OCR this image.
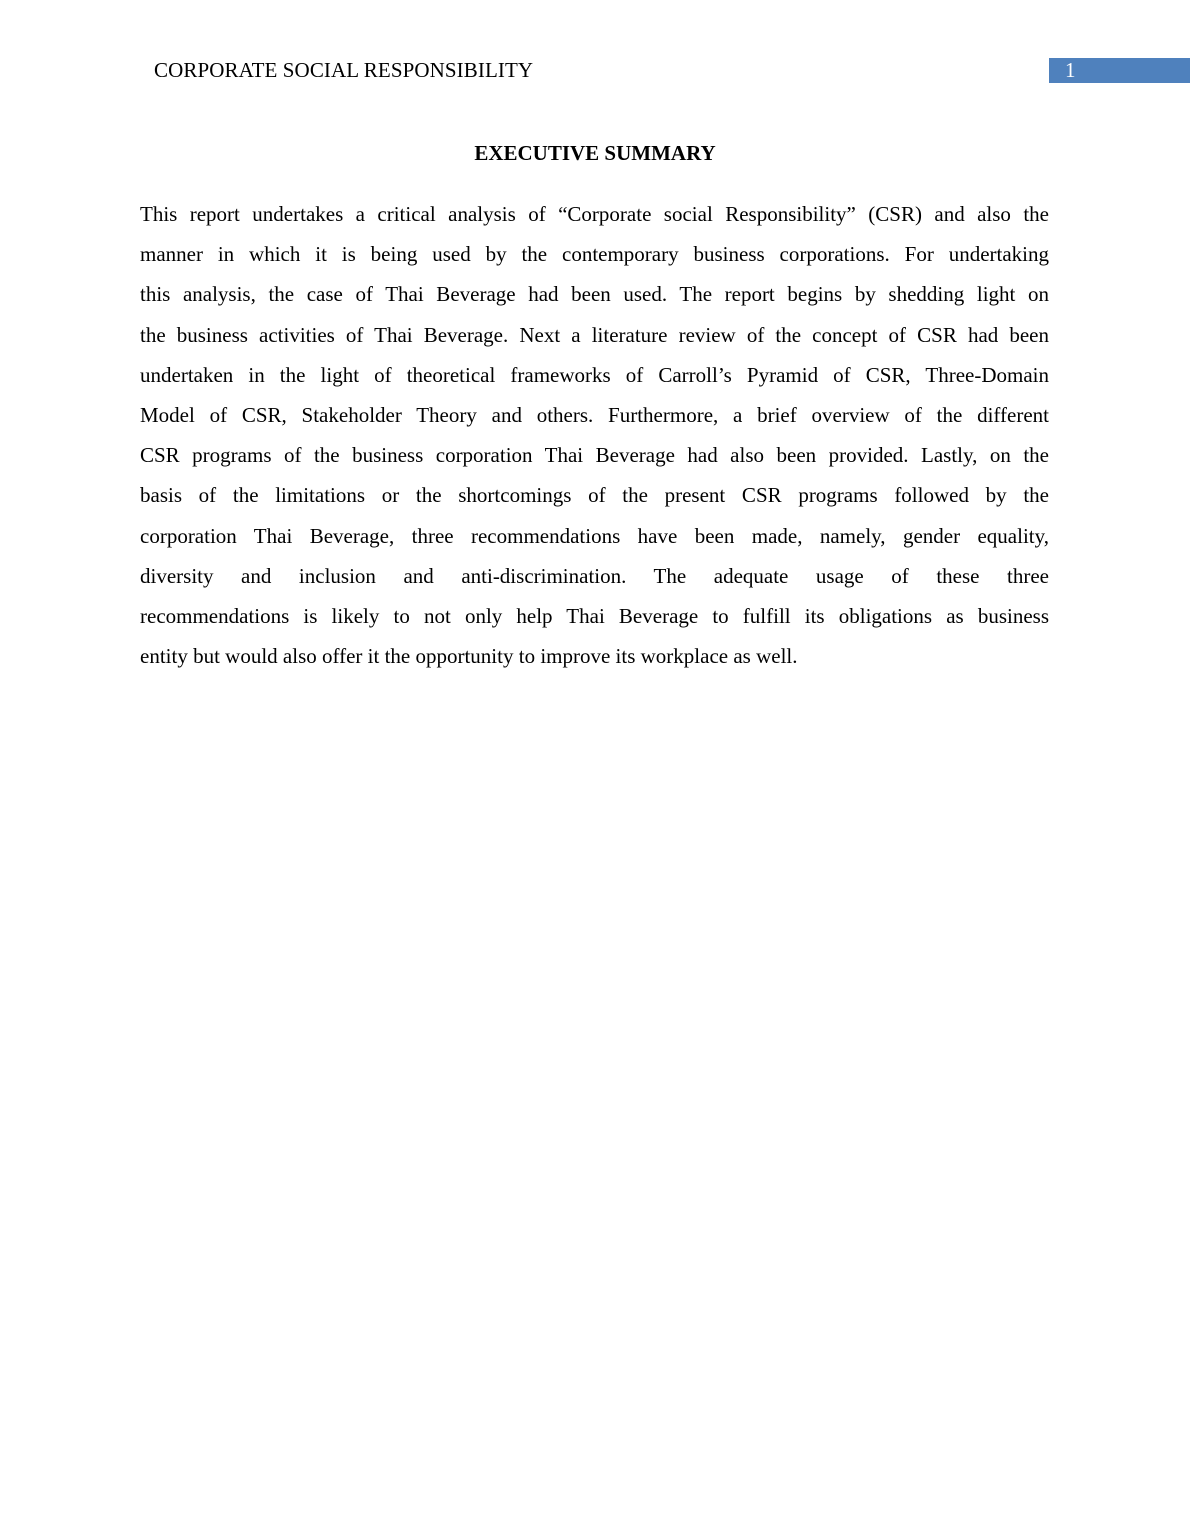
CORPORATE SOCIAL RESPONSIBILITY	1
EXECUTIVE SUMMARY
This report undertakes a critical analysis of “Corporate social Responsibility” (CSR) and also the
manner in which it is being used by the contemporary business corporations. For undertaking
this analysis, the case of Thai Beverage had been used. The report begins by shedding light on
the business activities of Thai Beverage. Next a literature review of the concept of CSR had been
undertaken in the light of theoretical frameworks of Carroll’s Pyramid of CSR, Three-Domain
Model of CSR, Stakeholder Theory and others. Furthermore, a brief overview of the different
CSR programs of the business corporation Thai Beverage had also been provided. Lastly, on the
basis of the limitations or the shortcomings of the present CSR programs followed by the
corporation Thai Beverage, three recommendations have been made, namely, gender equality,
diversity and inclusion and anti-discrimination. The adequate usage of these three
recommendations is likely to not only help Thai Beverage to fulfill its obligations as business
entity but would also offer it the opportunity to improve its workplace as well.
